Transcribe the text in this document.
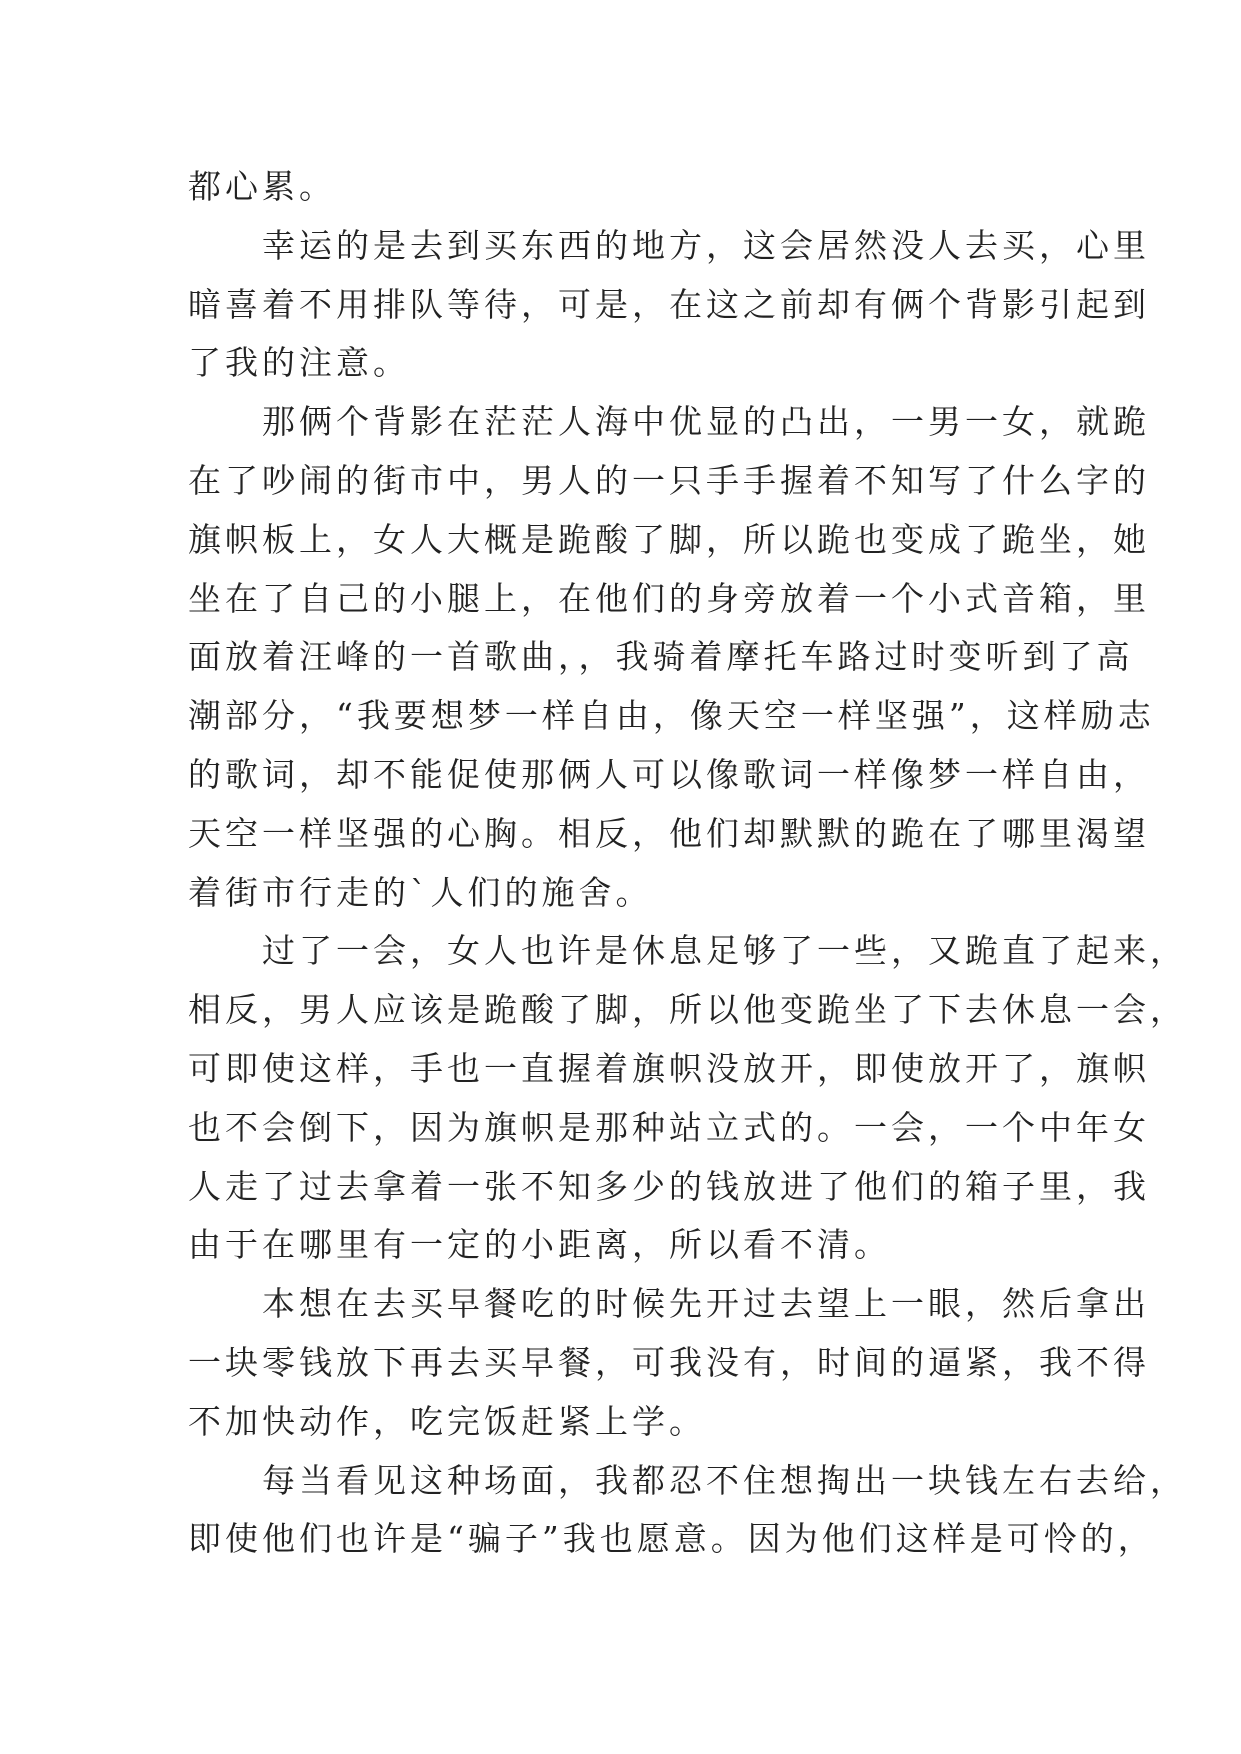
都心累。
幸运的是去到买东西的地方，这会居然没人去买，心里
暗喜着不用排队等待，可是，在这之前却有俩个背影引起到
了我的注意。
那俩个背影在茫茫人海中优显的凸出，一男一女，就跪
在了吵闹的街市中，男人的一只手手握着不知写了什么字的
旗帜板上，女人大概是跪酸了脚，所以跪也变成了跪坐，她
坐在了自己的小腿上，在他们的身旁放着一个小式音箱，里
面放着汪峰的一首歌曲，，我骑着摩托车路过时变听到了高
潮部分，“我要想梦一样自由，像天空一样坚强”，这样励志
的歌词，却不能促使那俩人可以像歌词一样像梦一样自由，
天空一样坚强的心胸。相反，他们却默默的跪在了哪里渴望
着街市行走的`人们的施舍。
过了一会，女人也许是休息足够了一些，又跪直了起来，
相反，男人应该是跪酸了脚，所以他变跪坐了下去休息一会，
可即使这样，手也一直握着旗帜没放开，即使放开了，旗帜
也不会倒下，因为旗帜是那种站立式的。一会，一个中年女
人走了过去拿着一张不知多少的钱放进了他们的箱子里，我
由于在哪里有一定的小距离，所以看不清。
本想在去买早餐吃的时候先开过去望上一眼，然后拿出
一块零钱放下再去买早餐，可我没有，时间的逼紧，我不得
不加快动作，吃完饭赶紧上学。
每当看见这种场面，我都忍不住想掏出一块钱左右去给，
即使他们也许是“骗子”我也愿意。因为他们这样是可怜的，
